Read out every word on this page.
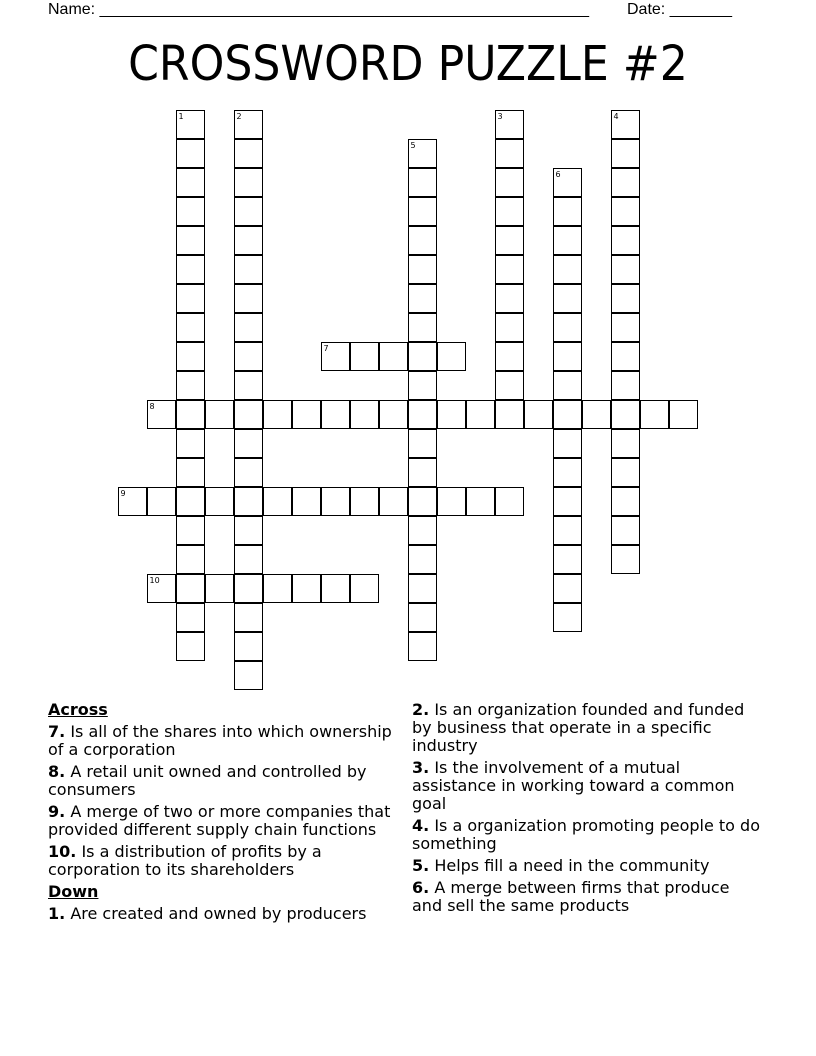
Name: _______________________________________________________ Date: _______
CROSSWORD PUZZLE #2
1	2	3	4
5
6
7
8
9
10
Across
7. Is all of the shares into which ownership of a corporation
8. A retail unit owned and controlled by consumers
9. A merge of two or more companies that provided different supply chain functions
10. Is a distribution of profits by a corporation to its shareholders
Down
1. Are created and owned by producers
2. Is an organization founded and funded by business that operate in a specific industry
3. Is the involvement of a mutual assistance in working toward a common goal
4. Is a organization promoting people to do something
5. Helps fill a need in the community
6. A merge between firms that produce and sell the same products
